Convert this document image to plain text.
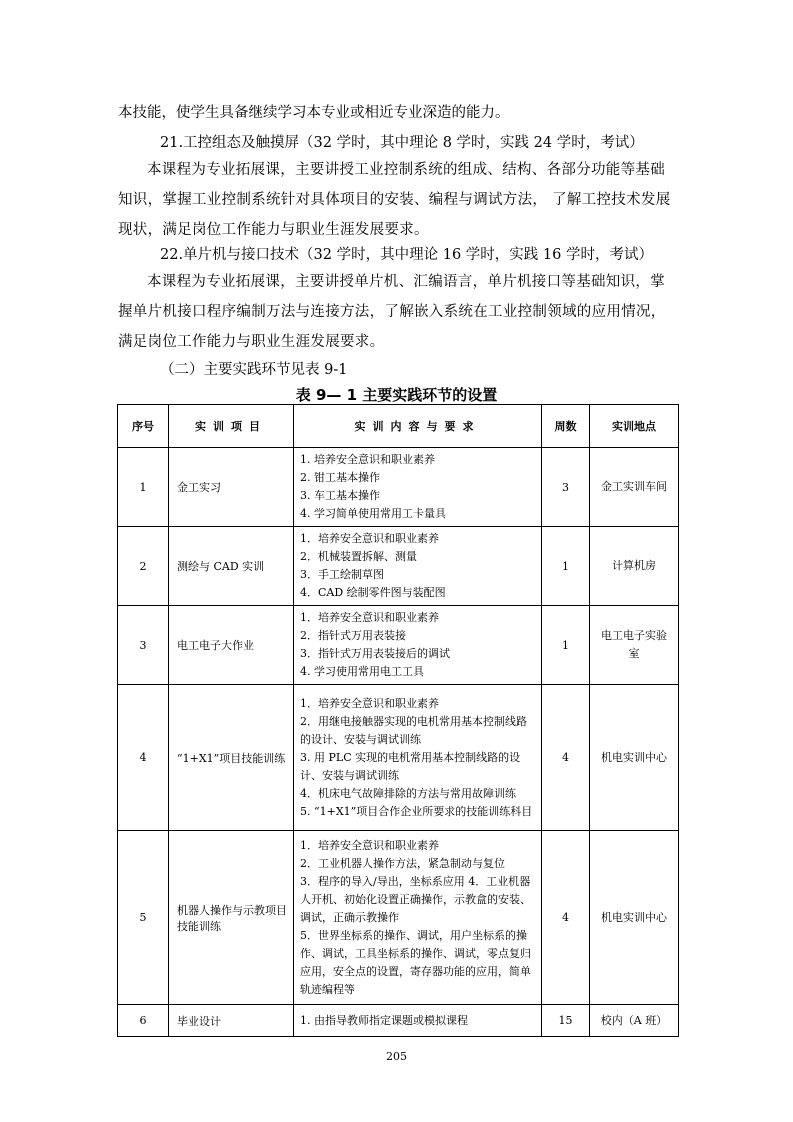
本技能，使学生具备继续学习本专业或相近专业深造的能力。
21.工控组态及触摸屏（32 学时，其中理论 8 学时，实践 24 学时，考试）
本课程为专业拓展课，主要讲授工业控制系统的组成、结构、各部分功能等基础知识，掌握工业控制系统针对具体项目的安装、编程与调试方法， 了解工控技术发展现状，满足岗位工作能力与职业生涯发展要求。
22.单片机与接口技术（32 学时，其中理论 16 学时，实践 16 学时，考试）
本课程为专业拓展课，主要讲授单片机、汇编语言，单片机接口等基础知识，掌握单片机接口程序编制万法与连接方法，了解嵌入系统在工业控制领域的应用情况，满足岗位工作能力与职业生涯发展要求。
（二）主要实践环节见表 9-1
表 9— 1 主要实践环节的设置
序号	实训项目	实训内容与要求	周数	实训地点
1	金工实习	1. 培养安全意识和职业素养
2. 钳工基本操作
3. 车工基本操作
4. 学习简单使用常用工卡量具	3	金工实训车间
2	测绘与 CAD 实训	1．培养安全意识和职业素养
2．机械装置拆解、测量
3．手工绘制草图
4．CAD 绘制零件图与装配图	1	计算机房
3	电工电子大作业	1．培养安全意识和职业素养
2．指针式万用表装接
3．指针式万用表装接后的调试
4. 学习使用常用电工工具	1	电工电子实验室
4	“1+X1”项目技能训练	1．培养安全意识和职业素养
2．用继电接触器实现的电机常用基本控制线路的设计、安装与调试训练
3. 用 PLC 实现的电机常用基本控制线路的设计、安装与调试训练
4．机床电气故障排除的方法与常用故障训练
5. “1+X1”项目合作企业所要求的技能训练科目	4	机电实训中心
5	机器人操作与示教项目技能训练	1．培养安全意识和职业素养
2．工业机器人操作方法，紧急制动与复位
3．程序的导入/导出，坐标系应用 4．工业机器人开机、初始化设置正确操作，示教盒的安装、调试，正确示教操作
5．世界坐标系的操作、调试，用户坐标系的操作、调试，工具坐标系的操作、调试，零点复归应用，安全点的设置，寄存器功能的应用，简单轨迹编程等	4	机电实训中心
6	毕业设计	1. 由指导教师指定课题或模拟课程	15	校内（A 班）
205
